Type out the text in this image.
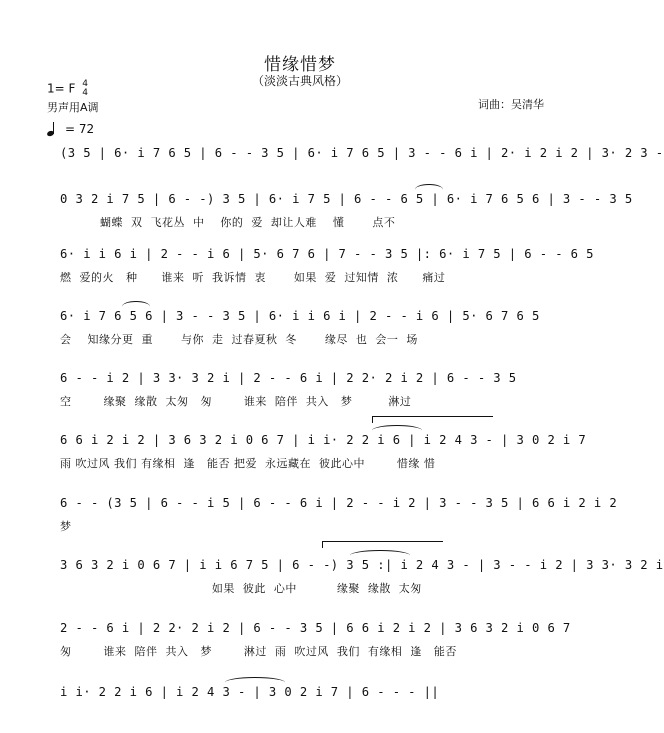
惜缘惜梦
（淡淡古典风格）
1= F 4
4
男声用A调	词曲：吴清华
= 72
(3 5 | 6· i 7 6 5 | 6 - - 3 5 | 6· i 7 6 5 | 3 - - 6 i | 2· i 2 i 2 | 3· 2 3 -
0 3 2 i 7 5 | 6 - -) 3 5 | 6· i 7 5 | 6 - - 6 5 | 6· i 7 6 5 6 | 3 - - 3 5
蝴蝶  双  飞花丛  中    你的  爱  却让人难    懂       点不
6· i i 6 i | 2 - - i 6 | 5· 6 7 6 | 7 - - 3 5 |: 6· i 7 5 | 6 - - 6 5
燃  爱的火   种      谁来  听  我诉情  衷       如果  爱  过知情  浓      痛过
6· i 7 6 5 6 | 3 - - 3 5 | 6· i i 6 i | 2 - - i 6 | 5· 6 7 6 5
会    知缘分更  重       与你  走  过春夏秋  冬       缘尽  也  会一  场
6 - - i 2 | 3 3· 3 2 i | 2 - - 6 i | 2 2· 2 i 2 | 6 - - 3 5
空        缘聚  缘散  太匆   匆        谁来  陪伴  共入   梦         淋过
6 6 i 2 i 2 | 3 6 3 2 i 0 6 7 | i i· 2 2 i 6 | i 2 4 3 - | 3 0 2 i 7
雨 吹过风 我们 有缘相  逢   能否 把爱  永远藏在  彼此心中        惜缘 惜
6 - - (3 5 | 6 - - i 5 | 6 - - 6 i | 2 - - i 2 | 3 - - 3 5 | 6 6 i 2 i 2
梦
3 6 3 2 i 0 6 7 | i i 6 7 5 | 6 - -) 3 5 :| i 2 4 3 - | 3 - - i 2 | 3 3· 3 2 i
如果  彼此  心中          缘聚  缘散  太匆
2 - - 6 i | 2 2· 2 i 2 | 6 - - 3 5 | 6 6 i 2 i 2 | 3 6 3 2 i 0 6 7
匆        谁来  陪伴  共入   梦        淋过  雨  吹过风  我们  有缘相  逢   能否
i i· 2 2 i 6 | i 2 4 3 - | 3 0 2 i 7 | 6 - - - ||
